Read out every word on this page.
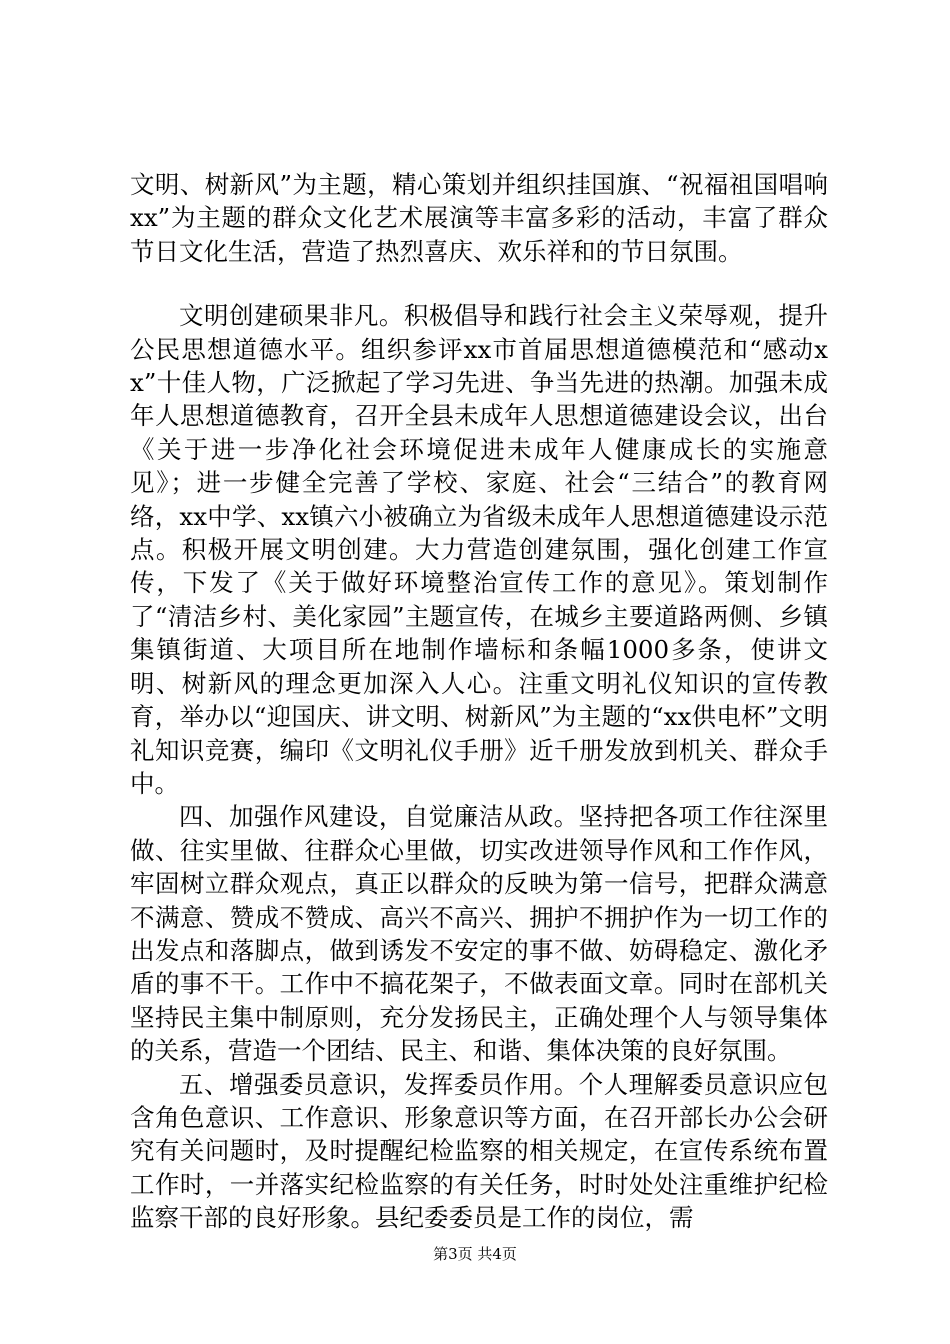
文明、树新风”为主题，精心策划并组织挂国旗、“祝福祖国唱响xx”为主题的群众文化艺术展演等丰富多彩的活动，丰富了群众节日文化生活，营造了热烈喜庆、欢乐祥和的节日氛围。

文明创建硕果非凡。积极倡导和践行社会主义荣辱观，提升公民思想道德水平。组织参评xx市首届思想道德模范和“感动xx”十佳人物，广泛掀起了学习先进、争当先进的热潮。加强未成年人思想道德教育，召开全县未成年人思想道德建设会议，出台《关于进一步净化社会环境促进未成年人健康成长的实施意见》；进一步健全完善了学校、家庭、社会“三结合”的教育网络，xx中学、xx镇六小被确立为省级未成年人思想道德建设示范点。积极开展文明创建。大力营造创建氛围，强化创建工作宣传，下发了《关于做好环境整治宣传工作的意见》。策划制作了“清洁乡村、美化家园”主题宣传，在城乡主要道路两侧、乡镇集镇街道、大项目所在地制作墙标和条幅1000多条，使讲文明、树新风的理念更加深入人心。注重文明礼仪知识的宣传教育，举办以“迎国庆、讲文明、树新风”为主题的“xx供电杯”文明礼知识竞赛，编印《文明礼仪手册》近千册发放到机关、群众手中。

四、加强作风建设，自觉廉洁从政。坚持把各项工作往深里做、往实里做、往群众心里做，切实改进领导作风和工作作风，牢固树立群众观点，真正以群众的反映为第一信号，把群众满意不满意、赞成不赞成、高兴不高兴、拥护不拥护作为一切工作的出发点和落脚点，做到诱发不安定的事不做、妨碍稳定、激化矛盾的事不干。工作中不搞花架子，不做表面文章。同时在部机关坚持民主集中制原则，充分发扬民主，正确处理个人与领导集体的关系，营造一个团结、民主、和谐、集体决策的良好氛围。

五、增强委员意识，发挥委员作用。个人理解委员意识应包含角色意识、工作意识、形象意识等方面，在召开部长办公会研究有关问题时，及时提醒纪检监察的相关规定，在宣传系统布置工作时，一并落实纪检监察的有关任务，时时处处注重维护纪检监察干部的良好形象。县纪委委员是工作的岗位，需

第3页 共4页
